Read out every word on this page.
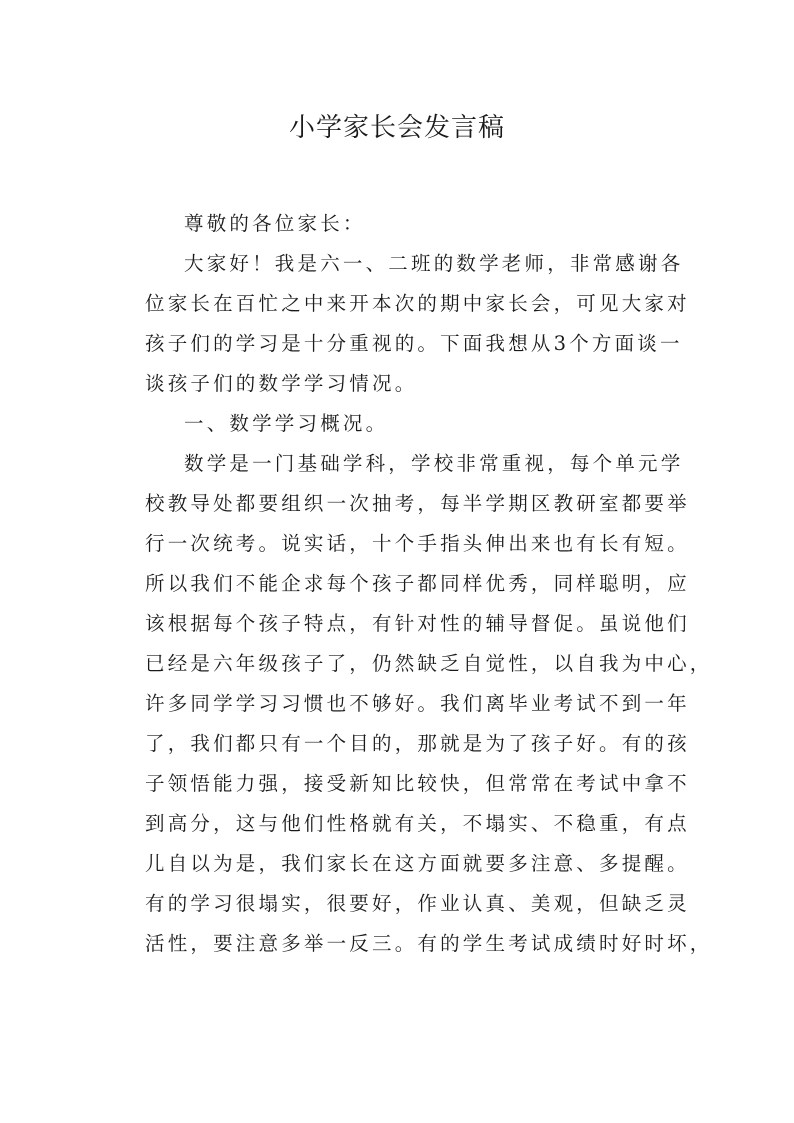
小学家长会发言稿
尊敬的各位家长：
大家好！我是六一、二班的数学老师，非常感谢各
位家长在百忙之中来开本次的期中家长会，可见大家对
孩子们的学习是十分重视的。下面我想从3个方面谈一
谈孩子们的数学学习情况。
一、数学学习概况。
数学是一门基础学科，学校非常重视，每个单元学
校教导处都要组织一次抽考，每半学期区教研室都要举
行一次统考。说实话，十个手指头伸出来也有长有短。
所以我们不能企求每个孩子都同样优秀，同样聪明，应
该根据每个孩子特点，有针对性的辅导督促。虽说他们
已经是六年级孩子了，仍然缺乏自觉性，以自我为中心，
许多同学学习习惯也不够好。我们离毕业考试不到一年
了，我们都只有一个目的，那就是为了孩子好。有的孩
子领悟能力强，接受新知比较快，但常常在考试中拿不
到高分，这与他们性格就有关，不塌实、不稳重，有点
儿自以为是，我们家长在这方面就要多注意、多提醒。
有的学习很塌实，很要好，作业认真、美观，但缺乏灵
活性，要注意多举一反三。有的学生考试成绩时好时坏，
